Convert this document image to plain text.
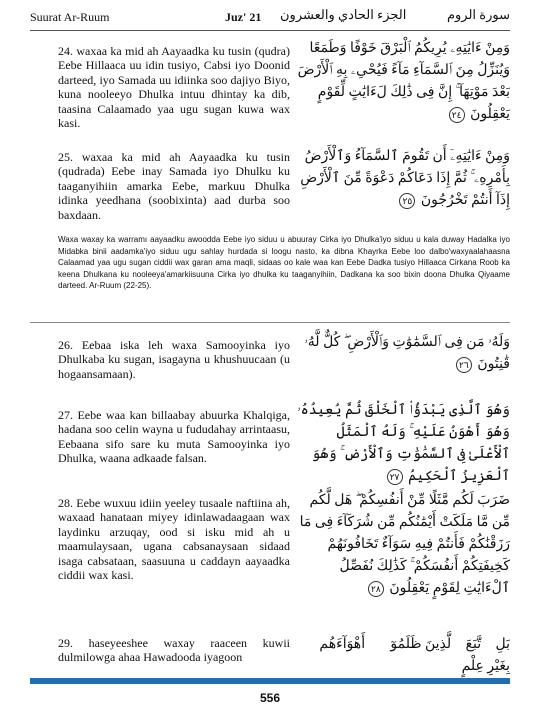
Suurat Ar-Ruum	Juz' 21 الجزء الحادي والعشرون	سورة الروم
24. waxaa ka mid ah Aayaadka ku tusin (qudra) Eebe Hillaaca uu idin tusiyo, Cabsi iyo Doonid darteed, iyo Samada uu idiinka soo dajiyo Biyo, kuna nooleeyo Dhulka intuu dhintay ka dib, taasina Calaamado yaa ugu sugan kuwa wax kasi.
وَمِنْ ءَايَٰتِهِۦ يُرِيكُمُ ٱلْبَرْقَ خَوْفًا وَطَمَعًا وَيُنَزِّلُ مِنَ ٱلسَّمَآءِ مَآءً فَيُحْىِۦ بِهِ ٱلْأَرْضَ بَعْدَ مَوْتِهَآ ۚ إِنَّ فِى ذَٰلِكَ لَءَايَٰتٍ لِّقَوْمٍ يَعْقِلُونَ ٢٤
25. waxaa ka mid ah Aayaadka ku tusin (qudrada) Eebe inay Samada iyo Dhulku ku taaganyihiin amarka Eebe, markuu Dhulka idinka yeedhana (soobixinta) aad durba soo baxdaan.
وَمِنْ ءَايَٰتِهِۦٓ أَن تَقُومَ ٱلسَّمَآءُ وَٱلْأَرْضُ بِأَمْرِهِۦ ۚ ثُمَّ إِذَا دَعَاكُمْ دَعْوَةً مِّنَ ٱلْأَرْضِ إِذَآ أَنتُمْ تَخْرُجُونَ ٢٥
Waxa waxay ka warramı aayaadku awoodda Eebe iyo siduu u abuuray Cirka iyo Dhulka'iyo siduu u kala duway Hadalka iyo Midabka binii aadamka'iyo siduu ugu sahlay hurdada si loogu nasto, ka dibna Khayrka Eebe loo dalbo'waxyaalahaasna Calaamad yaa ugu sugan ciddii wax garan ama maqli, sidaas oo kale waa kan Eebe Dadka tusiyo Hillaaca Cirkana Roob ka keena Dhulkana ku nooleeya'amarkiisuuna Cirka iyo dhulka ku taaganyihiin, Dadkana ka soo bixin doona Dhulka Qiyaame darteed. Ar-Ruum (22-25).
26. Eebaa iska leh waxa Samooyinka iyo Dhulkaba ku sugan, isagayna u khushuucaan (u hogaansamaan).
وَلَهُۥ مَن فِى ٱلسَّمَٰوَٰتِ وَٱلْأَرْضِ ۖ كُلٌّ لَّهُۥ قَٰنِتُونَ ٢٦
27. Eebe waa kan billaabay abuurka Khalqiga, hadana soo celin wayna u fududahay arrintaasu, Eebaana sifo sare ku muta Samooyinka iyo Dhulka, waana adkaade falsan.
وَهُوَ ٱلَّذِى يَبْدَؤُا۟ ٱلْخَلْقَ ثُمَّ يُعِيدُهُۥ وَهُوَ أَهْوَنُ عَلَيْهِ ۚ وَلَهُ ٱلْمَثَلُ ٱلْأَعْلَىٰ فِى ٱلسَّمَٰوَٰتِ وَٱلْأَرْضِ ۚ وَهُوَ ٱلْعَزِيزُ ٱلْحَكِيمُ ٢٧
28. Eebe wuxuu idiin yeeley tusaale naftiina ah, waxaad hanataan miyey idinlawadaagaan wax laydinku arzuqay, ood si isku mid ah u maamulaysaan, ugana cabsanaysaan sidaad isaga cabsataan, saasuuna u caddayn aayaadka ciddii wax kasi.
ضَرَبَ لَكُم مَّثَلًا مِّنْ أَنفُسِكُمْ ۖ هَل لَّكُم مِّن مَّا مَلَكَتْ أَيْمَٰنُكُم مِّن شُرَكَآءَ فِى مَا رَزَقْنَٰكُمْ فَأَنتُمْ فِيهِ سَوَآءٌ تَخَافُونَهُمْ كَخِيفَتِكُمْ أَنفُسَكُمْ ۚ كَذَٰلِكَ نُفَصِّلُ ٱلْءَايَٰتِ لِقَوْمٍ يَعْقِلُونَ ٢٨
29. haseyeeshee waxay raaceen kuwii dulmilowga ahaa Hawadooda iyagoon
بَلِ ٱتَّبَعَ ٱلَّذِينَ ظَلَمُوٓا۟ أَهْوَآءَهُم بِغَيْرِ عِلْمٍ
556
